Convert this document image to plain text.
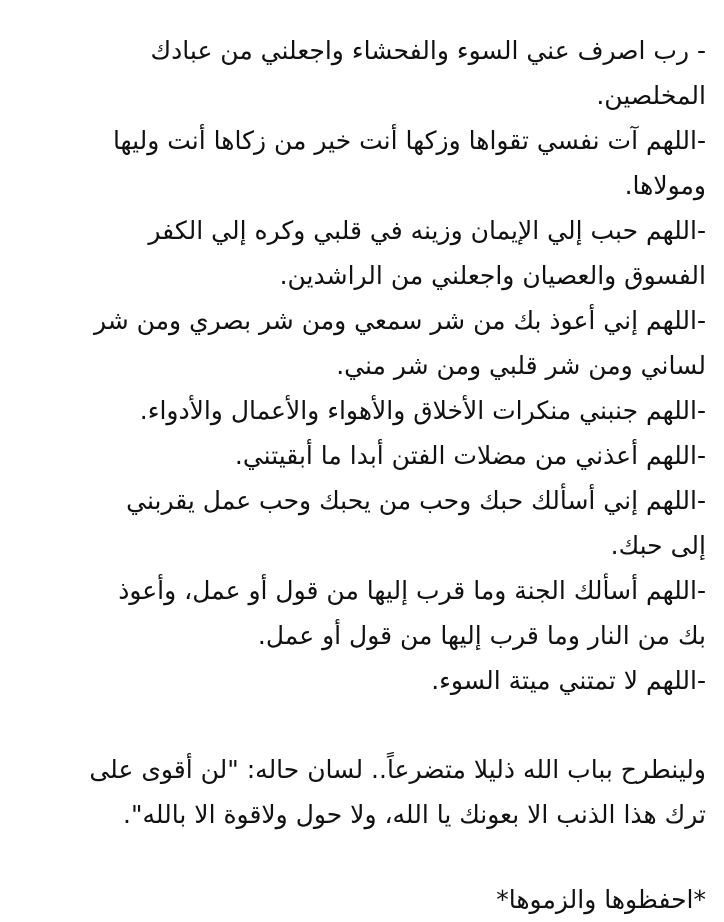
- رب اصرف عني السوء والفحشاء واجعلني من عبادك

المخلصين.

-اللهم آت نفسي تقواها وزكها أنت خير من زكاها أنت وليها

ومولاها.

-اللهم حبب إلي الإيمان وزينه في قلبي وكره إلي الكفر

الفسوق والعصيان واجعلني من الراشدين.

-اللهم إني أعوذ بك من شر سمعي ومن شر بصري ومن شر

لساني ومن شر قلبي ومن شر مني.

-اللهم جنبني منكرات الأخلاق والأهواء والأعمال والأدواء.

-اللهم أعذني من مضلات الفتن أبدا ما أبقيتني.

-اللهم إني أسألك حبك وحب من يحبك وحب عمل يقربني

إلى حبك.

-اللهم أسألك الجنة وما قرب إليها من قول أو عمل، وأعوذ

بك من النار وما قرب إليها من قول أو عمل.

-اللهم لا تمتني ميتة السوء.

ولينطرح بباب الله ذليلا متضرعاً.. لسان حاله: "لن أقوى على

ترك هذا الذنب الا بعونك يا الله، ولا حول ولاقوة الا بالله".

*احفظوها والزموها*
